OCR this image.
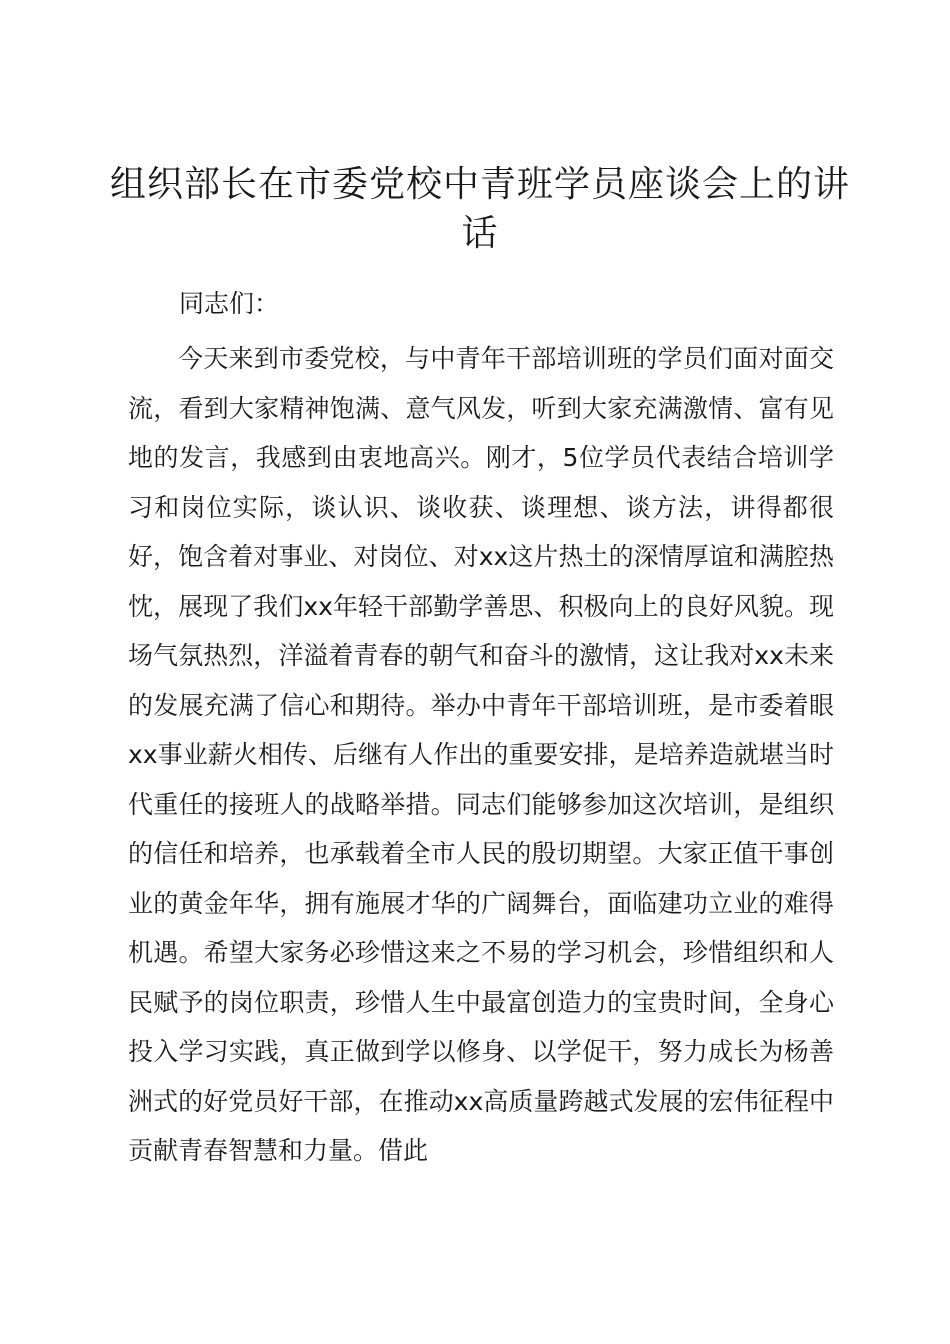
组织部长在市委党校中青班学员座谈会上的讲话

同志们：

今天来到市委党校，与中青年干部培训班的学员们面对面交流，看到大家精神饱满、意气风发，听到大家充满激情、富有见地的发言，我感到由衷地高兴。刚才，5位学员代表结合培训学习和岗位实际，谈认识、谈收获、谈理想、谈方法，讲得都很好，饱含着对事业、对岗位、对xx这片热土的深情厚谊和满腔热忱，展现了我们xx年轻干部勤学善思、积极向上的良好风貌。现场气氛热烈，洋溢着青春的朝气和奋斗的激情，这让我对xx未来的发展充满了信心和期待。举办中青年干部培训班，是市委着眼xx事业薪火相传、后继有人作出的重要安排，是培养造就堪当时代重任的接班人的战略举措。同志们能够参加这次培训，是组织的信任和培养，也承载着全市人民的殷切期望。大家正值干事创业的黄金年华，拥有施展才华的广阔舞台，面临建功立业的难得机遇。希望大家务必珍惜这来之不易的学习机会，珍惜组织和人民赋予的岗位职责，珍惜人生中最富创造力的宝贵时间，全身心投入学习实践，真正做到学以修身、以学促干，努力成长为杨善洲式的好党员好干部，在推动xx高质量跨越式发展的宏伟征程中贡献青春智慧和力量。借此
